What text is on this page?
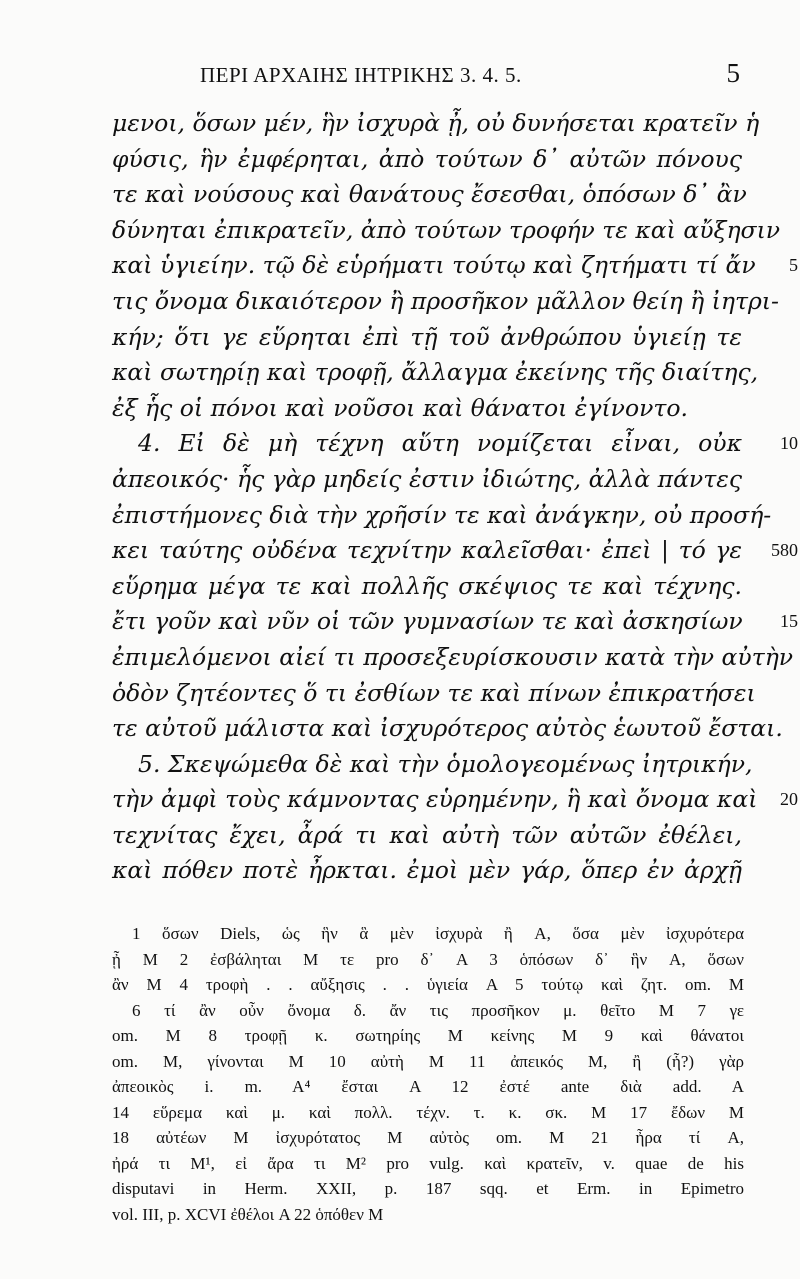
ΠΕΡΙ ΑΡΧΑΙΗΣ ΙΗΤΡΙΚΗΣ 3. 4. 5.	5
μενοι, ὅσων μέν, ἣν ἰσχυρὰ ᾖ, οὐ δυνήσεται κρατεῖν ἡ
φύσις, ἣν ἐμφέρηται, ἀπὸ τούτων δ᾽ αὐτῶν πόνους
τε καὶ νούσους καὶ θανάτους ἔσεσθαι, ὁπόσων δ᾽ ἂν
δύνηται ἐπικρατεῖν, ἀπὸ τούτων τροφήν τε καὶ αὔξησιν
καὶ ὑγιείην. τῷ δὲ εὑρήματι τούτῳ καὶ ζητήματι τί ἄν 5
τις ὄνομα δικαιότερον ἢ προσῆκον μᾶλλον θείη ἢ ἰητρι-
κήν; ὅτι γε εὕρηται ἐπὶ τῇ τοῦ ἀνθρώπου ὑγιείῃ τε
καὶ σωτηρίῃ καὶ τροφῇ, ἄλλαγμα ἐκείνης τῆς διαίτης,
ἐξ ἧς οἱ πόνοι καὶ νοῦσοι καὶ θάνατοι ἐγίνοντο.
4. Εἰ δὲ μὴ τέχνη αὕτη νομίζεται εἶναι, οὐκ 10
ἀπεοικός· ἧς γὰρ μηδείς ἐστιν ἰδιώτης, ἀλλὰ πάντες
ἐπιστήμονες διὰ τὴν χρῆσίν τε καὶ ἀνάγκην, οὐ προσή-
κει ταύτης οὐδένα τεχνίτην καλεῖσθαι· ἐπεὶ | τό γε 580
εὕρημα μέγα τε καὶ πολλῆς σκέψιος τε καὶ τέχνης.
ἔτι γοῦν καὶ νῦν οἱ τῶν γυμνασίων τε καὶ ἀσκησίων 15
ἐπιμελόμενοι αἰεί τι προσεξευρίσκουσιν κατὰ τὴν αὐτὴν
ὁδὸν ζητέοντες ὅ τι ἐσθίων τε καὶ πίνων ἐπικρατήσει
τε αὐτοῦ μάλιστα καὶ ἰσχυρότερος αὐτὸς ἑωυτοῦ ἔσται.
5. Σκεψώμεθα δὲ καὶ τὴν ὁμολογεομένως ἰητρικήν,
τὴν ἀμφὶ τοὺς κάμνοντας εὑρημένην, ἣ καὶ ὄνομα καὶ 20
τεχνίτας ἔχει, ἆρά τι καὶ αὐτὴ τῶν αὐτῶν ἐθέλει,
καὶ πόθεν ποτὲ ἦρκται. ἐμοὶ μὲν γάρ, ὅπερ ἐν ἀρχῇ
1 ὅσων Diels, ὡς ἣν ἃ μὲν ἰσχυρὰ ἢ A, ὅσα μὲν ἰσχυρότερα
ᾖ M 2 ἐσβάληται M τε pro δ᾽ A 3 ὁπόσων δ᾽ ἣν A, ὅσων
ἂν M 4 τροφὴ . . αὔξησις . . ὑγιεία A 5 τούτῳ καὶ ζητ. om. M
6 τί ἂν οὖν ὄνομα δ. ἄν τις προσῆκον μ. θεῖτο M 7 γε
om. M 8 τροφῇ κ. σωτηρίης M κείνης M 9 καὶ θάνατοι
om. M, γίνονται M 10 αὐτὴ M 11 ἀπεικός M, ἢ (ἧ?) γὰρ
ἀπεοικὸς i. m. A⁴ ἔσται A 12 ἐστέ ante διὰ add. A
14 εὕρεμα καὶ μ. καὶ πολλ. τέχν. τ. κ. σκ. M 17 ἔδων M
18 αὐτέων M ἰσχυρότατος M αὐτὸς om. M 21 ἦρα τί A,
ἠρά τι M¹, εἰ ἄρα τι M² pro vulg. καὶ κρατεῖν, v. quae de his
disputavi in Herm. XXII, p. 187 sqq. et Erm. in Epimetro
vol. III, p. XCVI ἐθέλοι A 22 ὁπόθεν M
